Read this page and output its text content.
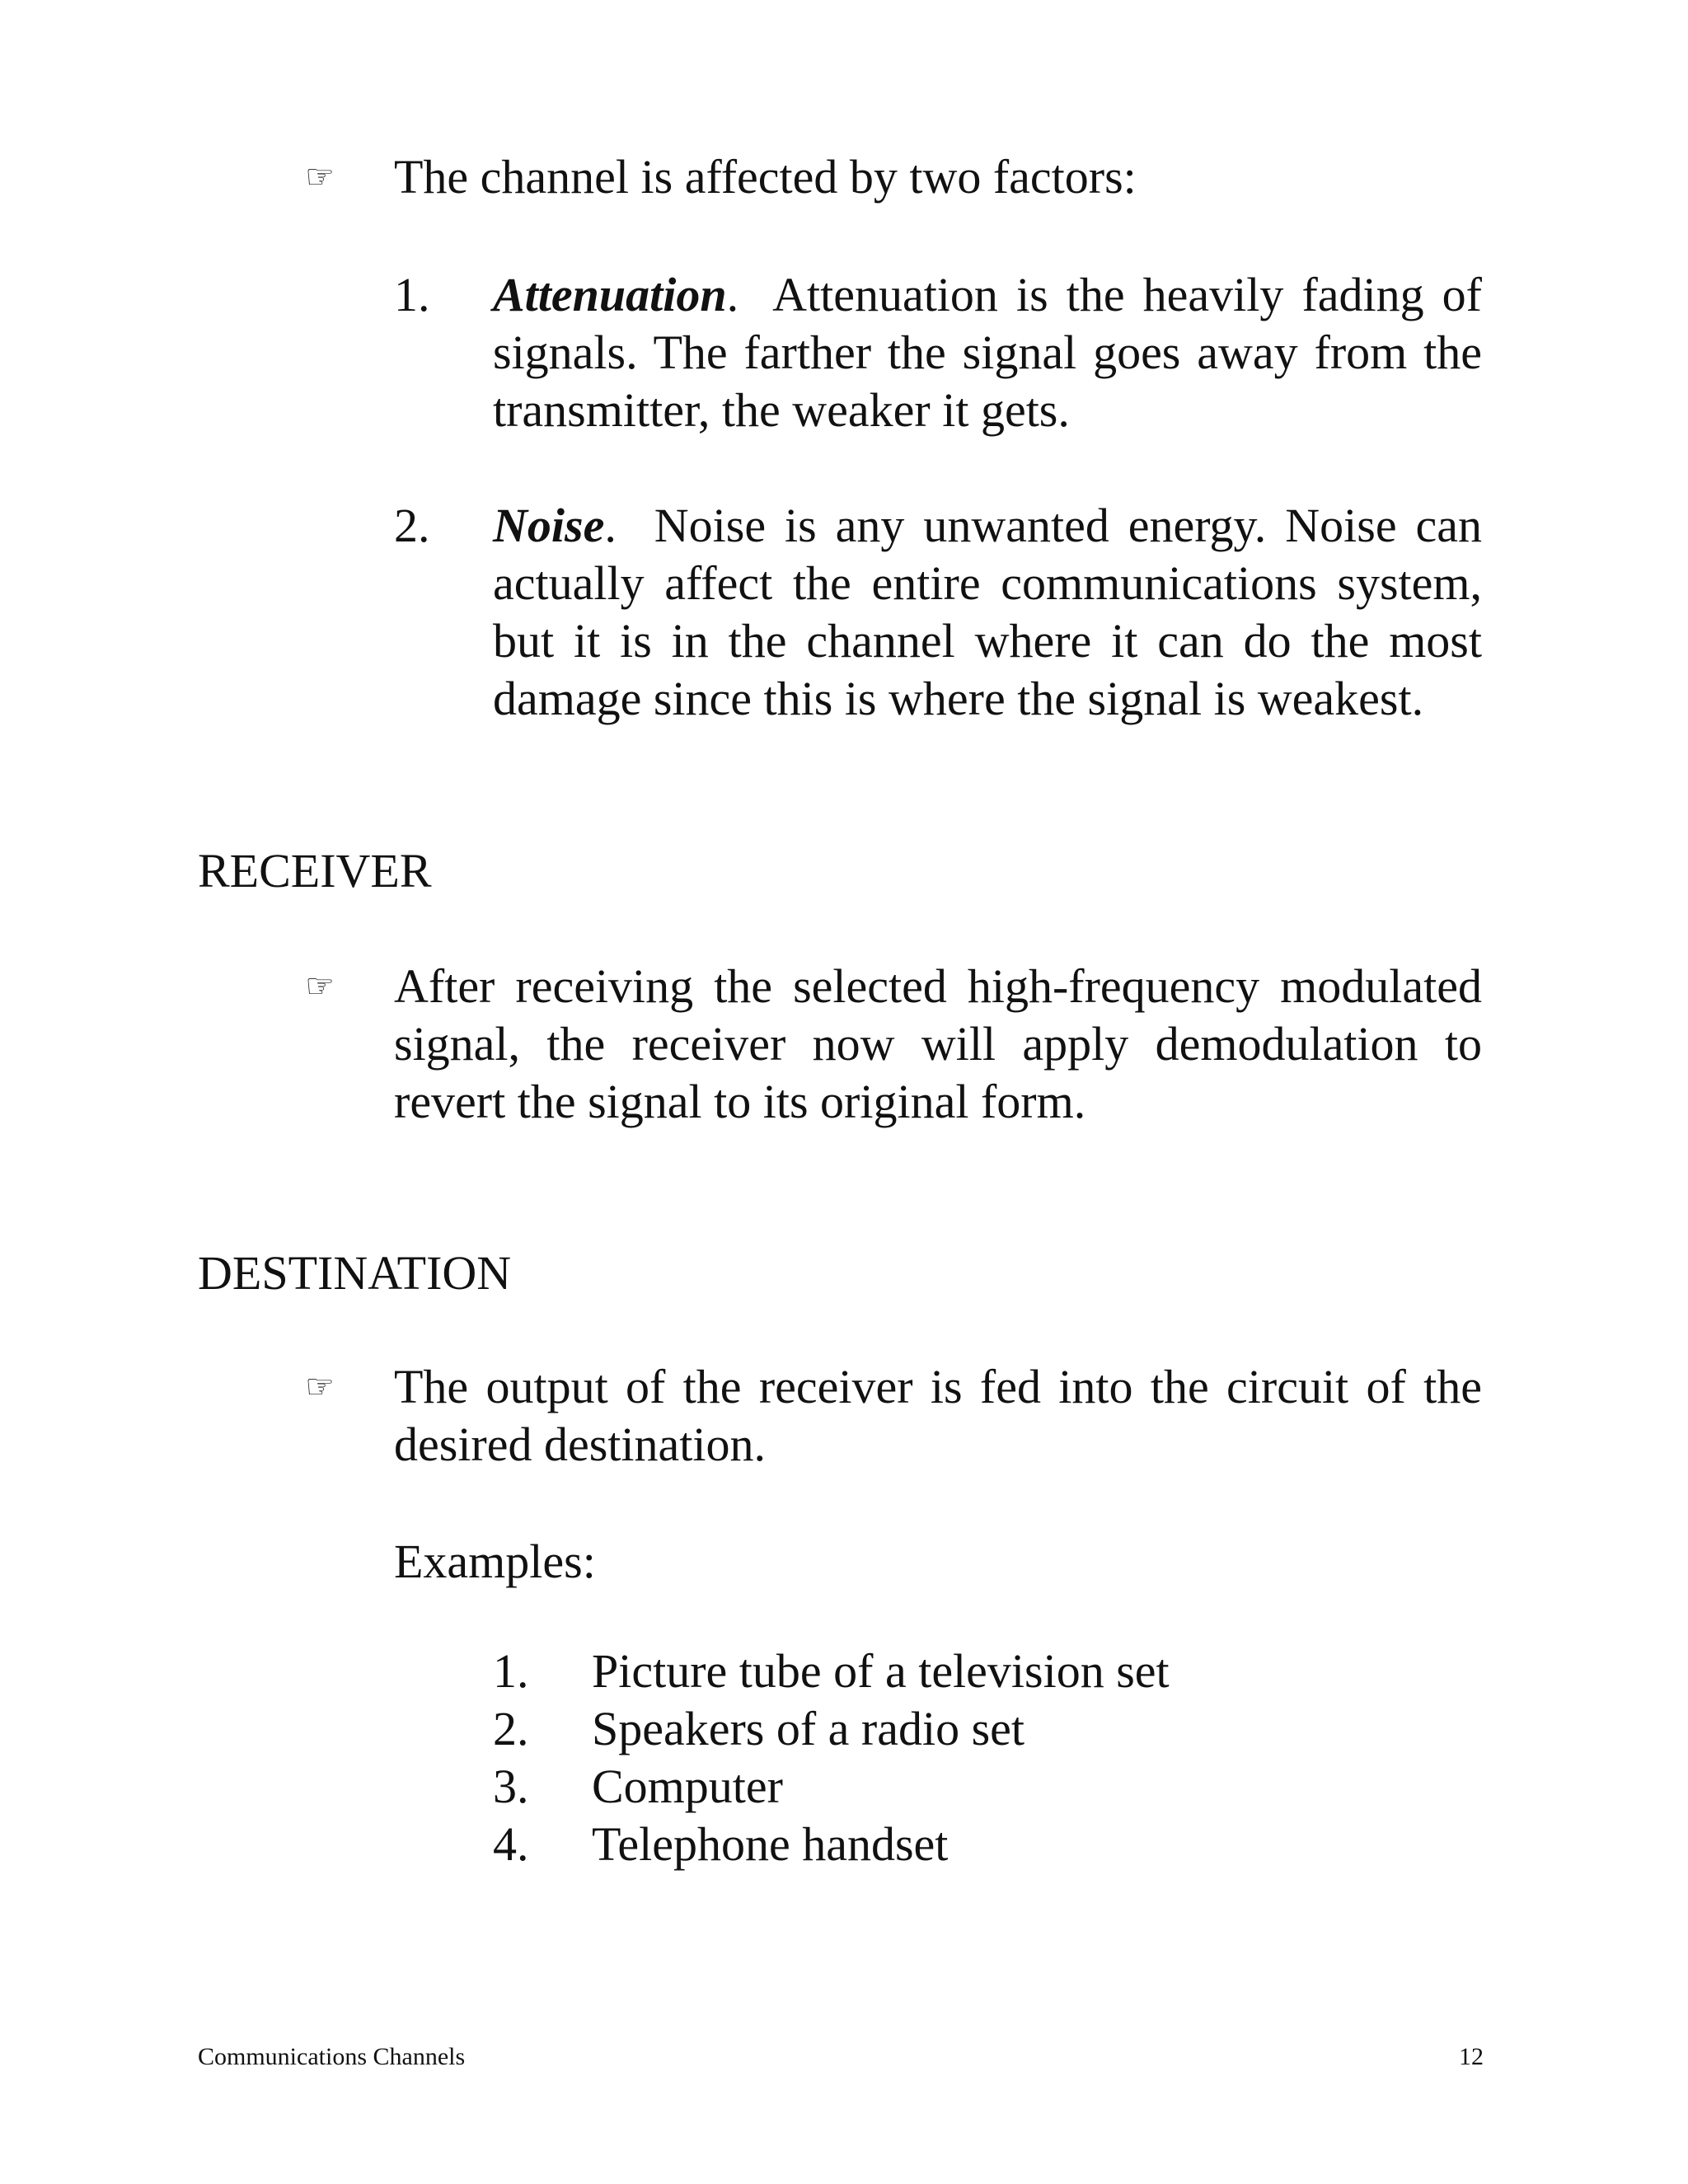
☞ The channel is affected by two factors:
1. Attenuation. Attenuation is the heavily fading of signals. The farther the signal goes away from the transmitter, the weaker it gets.
2. Noise. Noise is any unwanted energy. Noise can actually affect the entire communications system, but it is in the channel where it can do the most damage since this is where the signal is weakest.
RECEIVER
☞ After receiving the selected high-frequency modulated signal, the receiver now will apply demodulation to revert the signal to its original form.
DESTINATION
☞ The output of the receiver is fed into the circuit of the desired destination.
Examples:
1. Picture tube of a television set
2. Speakers of a radio set
3. Computer
4. Telephone handset
Communications Channels	12
